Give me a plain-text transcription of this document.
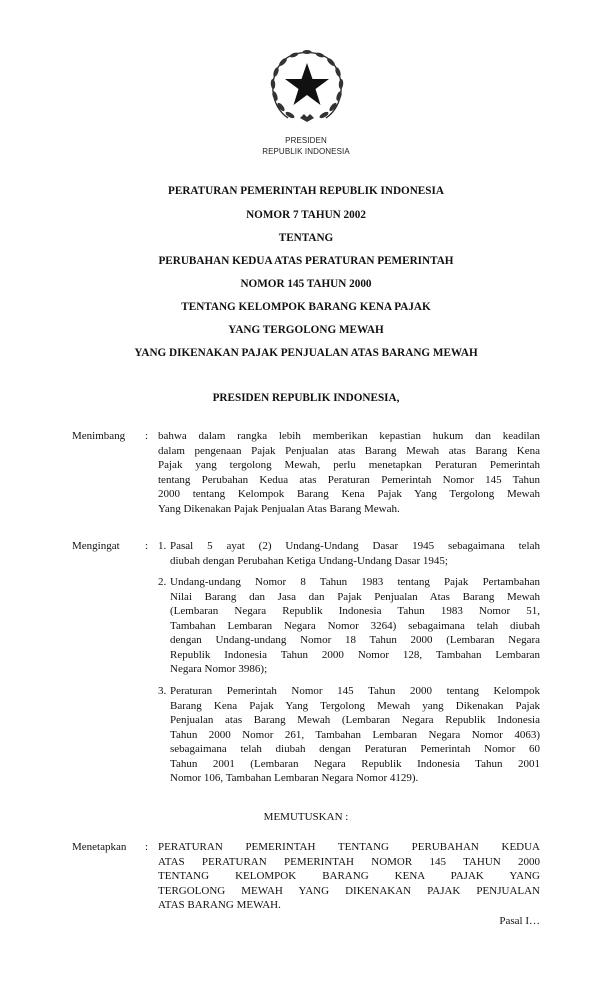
PRESIDEN
REPUBLIK INDONESIA
PERATURAN PEMERINTAH REPUBLIK INDONESIA
NOMOR 7 TAHUN 2002
TENTANG
PERUBAHAN KEDUA ATAS PERATURAN PEMERINTAH
NOMOR 145 TAHUN 2000
TENTANG KELOMPOK BARANG KENA PAJAK
YANG TERGOLONG MEWAH
YANG DIKENAKAN PAJAK PENJUALAN ATAS BARANG MEWAH
PRESIDEN REPUBLIK INDONESIA,
Menimbang : bahwa dalam rangka lebih memberikan kepastian hukum dan keadilan
dalam pengenaan Pajak Penjualan atas Barang Mewah atas Barang Kena
Pajak yang tergolong Mewah, perlu menetapkan Peraturan Pemerintah
tentang Perubahan Kedua atas Peraturan Pemerintah Nomor 145 Tahun
2000 tentang Kelompok Barang Kena Pajak Yang Tergolong Mewah
Yang Dikenakan Pajak Penjualan Atas Barang Mewah.
Mengingat : 1. Pasal 5 ayat (2) Undang-Undang Dasar 1945 sebagaimana telah
diubah dengan Perubahan Ketiga Undang-Undang Dasar 1945;
2. Undang-undang Nomor 8 Tahun 1983 tentang Pajak Pertambahan
Nilai Barang dan Jasa dan Pajak Penjualan Atas Barang Mewah
(Lembaran Negara Republik Indonesia Tahun 1983 Nomor 51,
Tambahan Lembaran Negara Nomor 3264) sebagaimana telah diubah
dengan Undang-undang Nomor 18 Tahun 2000 (Lembaran Negara
Republik Indonesia Tahun 2000 Nomor 128, Tambahan Lembaran
Negara Nomor 3986);
3. Peraturan Pemerintah Nomor 145 Tahun 2000 tentang Kelompok
Barang Kena Pajak Yang Tergolong Mewah yang Dikenakan Pajak
Penjualan atas Barang Mewah (Lembaran Negara Republik Indonesia
Tahun 2000 Nomor 261, Tambahan Lembaran Negara Nomor 4063)
sebagaimana telah diubah dengan Peraturan Pemerintah Nomor 60
Tahun 2001 (Lembaran Negara Republik Indonesia Tahun 2001
Nomor 106, Tambahan Lembaran Negara Nomor 4129).
MEMUTUSKAN :
Menetapkan : PERATURAN PEMERINTAH TENTANG PERUBAHAN KEDUA
ATAS PERATURAN PEMERINTAH NOMOR 145 TAHUN 2000
TENTANG KELOMPOK BARANG KENA PAJAK YANG
TERGOLONG MEWAH YANG DIKENAKAN PAJAK PENJUALAN
ATAS BARANG MEWAH.
Pasal I…
